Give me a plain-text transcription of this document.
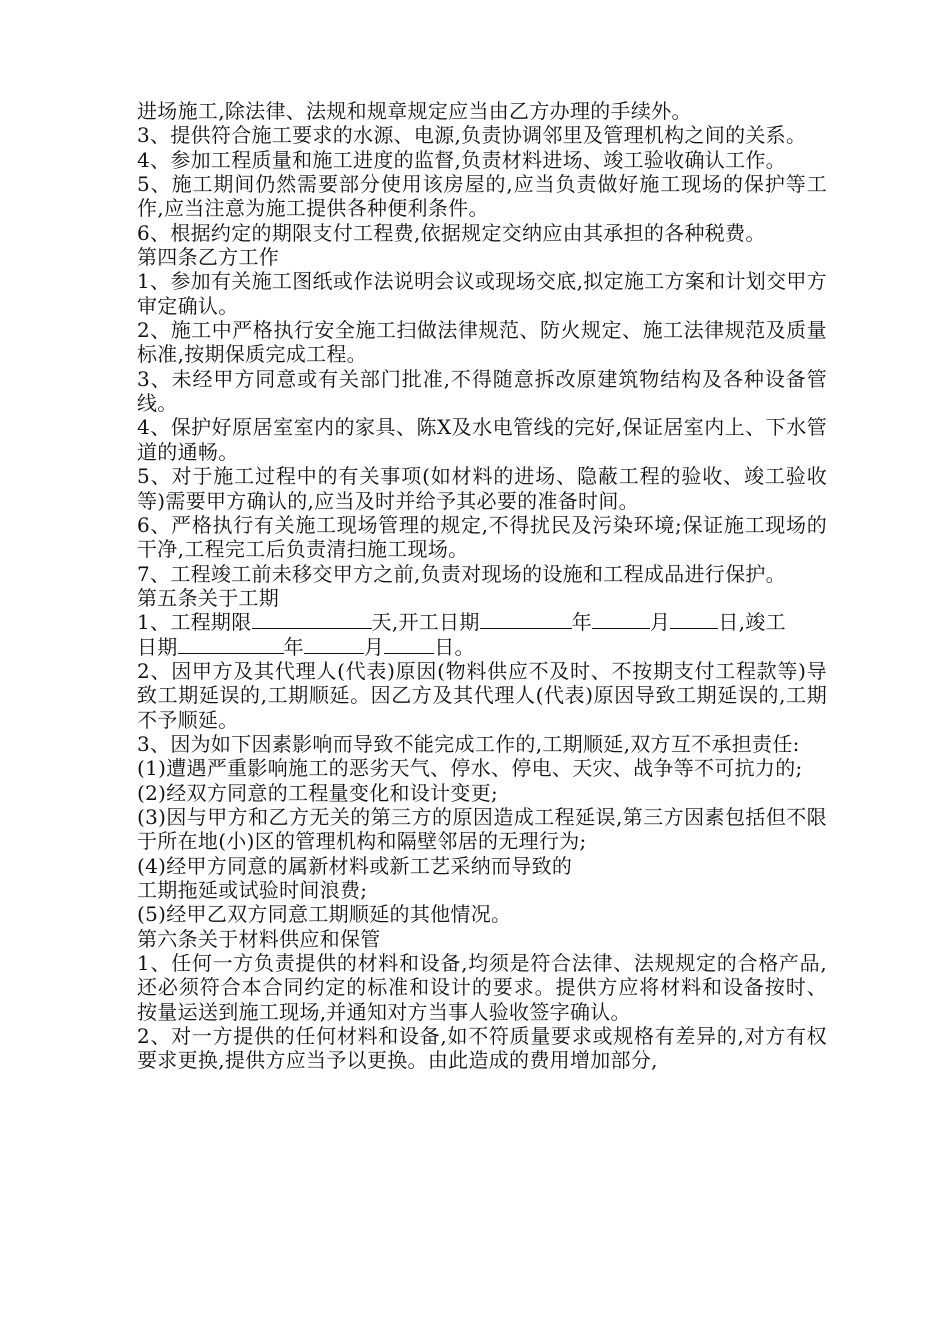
进场施工,除法律、法规和规章规定应当由乙方办理的手续外。

3、提供符合施工要求的水源、电源,负责协调邻里及管理机构之间的关系。

4、参加工程质量和施工进度的监督,负责材料进场、竣工验收确认工作。

5、施工期间仍然需要部分使用该房屋的,应当负责做好施工现场的保护等工作,应当注意为施工提供各种便利条件。

6、根据约定的期限支付工程费,依据规定交纳应由其承担的各种税费。

第四条乙方工作

1、参加有关施工图纸或作法说明会议或现场交底,拟定施工方案和计划交甲方审定确认。

2、施工中严格执行安全施工扫做法律规范、防火规定、施工法律规范及质量标准,按期保质完成工程。

3、未经甲方同意或有关部门批准,不得随意拆改原建筑物结构及各种设备管线。

4、保护好原居室室内的家具、陈X及水电管线的完好,保证居室内上、下水管道的通畅。

5、对于施工过程中的有关事项(如材料的进场、隐蔽工程的验收、竣工验收等)需要甲方确认的,应当及时并给予其必要的准备时间。

6、严格执行有关施工现场管理的规定,不得扰民及污染环境;保证施工现场的干净,工程完工后负责清扫施工现场。

7、工程竣工前未移交甲方之前,负责对现场的设施和工程成品进行保护。

第五条关于工期

1、工程期限	天,开工日期	年	月 日,竣工
日期	年	月	日。

2、因甲方及其代理人(代表)原因(物料供应不及时、不按期支付工程款等)导致工期延误的,工期顺延。因乙方及其代理人(代表)原因导致工期延误的,工期不予顺延。

3、因为如下因素影响而导致不能完成工作的,工期顺延,双方互不承担责任:

(1)遭遇严重影响施工的恶劣天气、停水、停电、天灾、战争等不可抗力的;

(2)经双方同意的工程量变化和设计变更;

(3)因与甲方和乙方无关的第三方的原因造成工程延误,第三方因素包括但不限于所在地(小)区的管理机构和隔壁邻居的无理行为;

(4)经甲方同意的属新材料或新工艺采纳而导致的

工期拖延或试验时间浪费;

(5)经甲乙双方同意工期顺延的其他情况。

第六条关于材料供应和保管

1、任何一方负责提供的材料和设备,均须是符合法律、法规规定的合格产品,还必须符合本合同约定的标准和设计的要求。提供方应将材料和设备按时、按量运送到施工现场,并通知对方当事人验收签字确认。

2、对一方提供的任何材料和设备,如不符质量要求或规格有差异的,对方有权要求更换,提供方应当予以更换。由此造成的费用增加部分,
